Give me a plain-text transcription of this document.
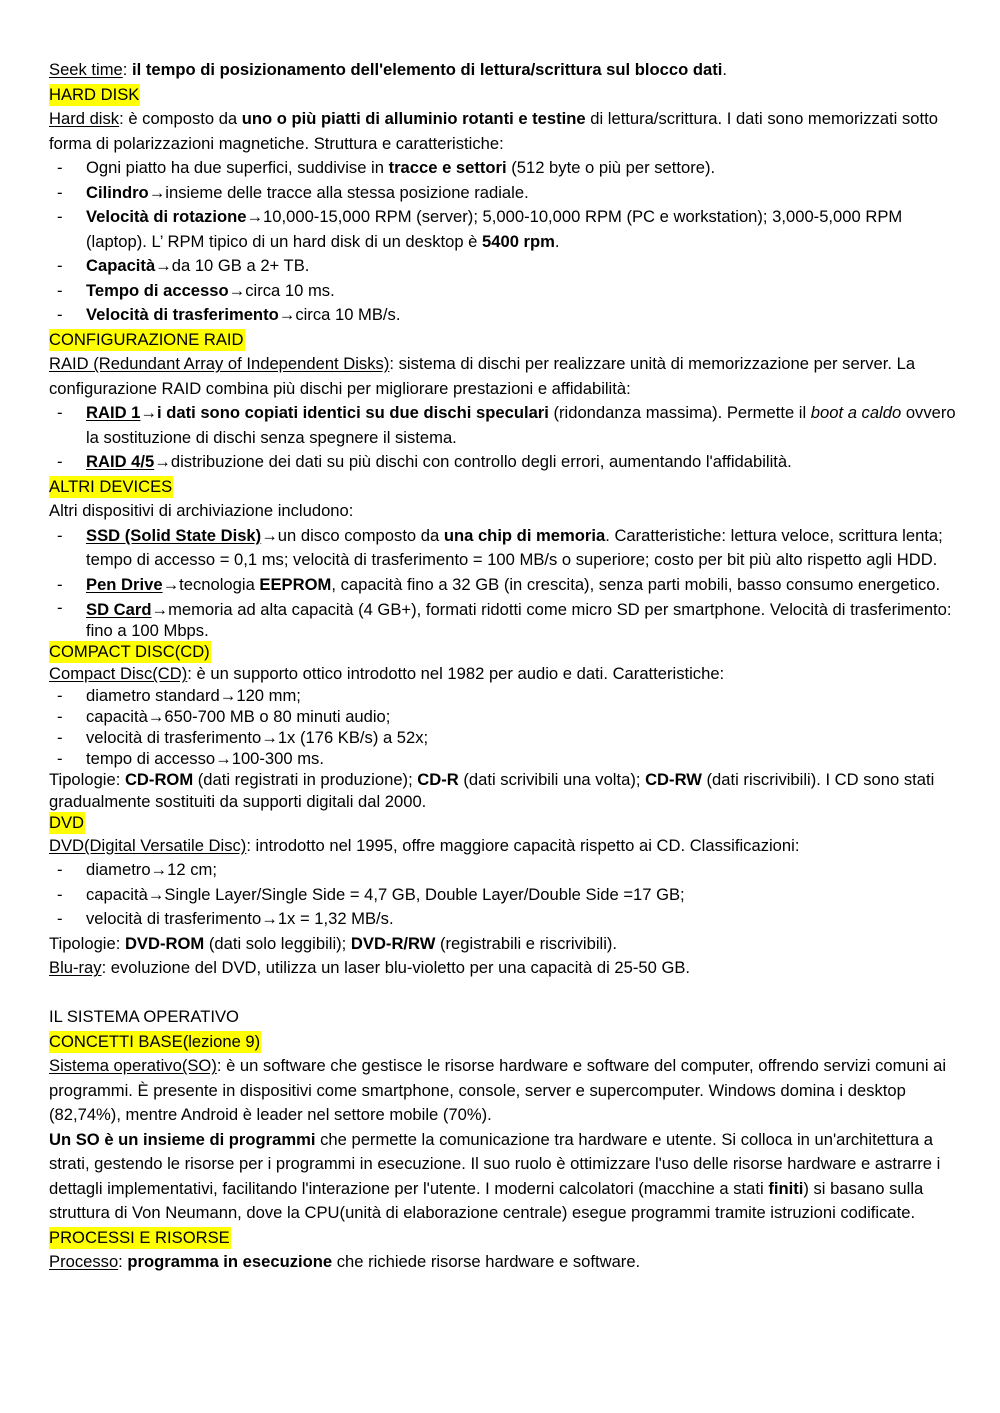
Seek time: il tempo di posizionamento dell'elemento di lettura/scrittura sul blocco dati.
HARD DISK
Hard disk: è composto da uno o più piatti di alluminio rotanti e testine di lettura/scrittura. I dati sono memorizzati sotto forma di polarizzazioni magnetiche. Struttura e caratteristiche:
- Ogni piatto ha due superfici, suddivise in tracce e settori (512 byte o più per settore).
- Cilindro→insieme delle tracce alla stessa posizione radiale.
- Velocità di rotazione→10,000-15,000 RPM (server); 5,000-10,000 RPM (PC e workstation); 3,000-5,000 RPM (laptop). L’ RPM tipico di un hard disk di un desktop è 5400 rpm.
- Capacità→da 10 GB a 2+ TB.
- Tempo di accesso→circa 10 ms.
- Velocità di trasferimento→circa 10 MB/s.
CONFIGURAZIONE RAID
RAID (Redundant Array of Independent Disks): sistema di dischi per realizzare unità di memorizzazione per server. La configurazione RAID combina più dischi per migliorare prestazioni e affidabilità:
- RAID 1→i dati sono copiati identici su due dischi speculari (ridondanza massima). Permette il boot a caldo ovvero la sostituzione di dischi senza spegnere il sistema.
- RAID 4/5→distribuzione dei dati su più dischi con controllo degli errori, aumentando l'affidabilità.
ALTRI DEVICES
Altri dispositivi di archiviazione includono:
- SSD (Solid State Disk)→un disco composto da una chip di memoria. Caratteristiche: lettura veloce, scrittura lenta; tempo di accesso = 0,1 ms; velocità di trasferimento = 100 MB/s o superiore; costo per bit più alto rispetto agli HDD.
- Pen Drive→tecnologia EEPROM, capacità fino a 32 GB (in crescita), senza parti mobili, basso consumo energetico.
- SD Card→memoria ad alta capacità (4 GB+), formati ridotti come micro SD per smartphone. Velocità di trasferimento: fino a 100 Mbps.
COMPACT DISC(CD)
Compact Disc(CD): è un supporto ottico introdotto nel 1982 per audio e dati. Caratteristiche:
- diametro standard→120 mm;
- capacità→650-700 MB o 80 minuti audio;
- velocità di trasferimento→1x (176 KB/s) a 52x;
- tempo di accesso→100-300 ms.
Tipologie: CD-ROM (dati registrati in produzione); CD-R (dati scrivibili una volta); CD-RW (dati riscrivibili). I CD sono stati gradualmente sostituiti da supporti digitali dal 2000.
DVD
DVD(Digital Versatile Disc): introdotto nel 1995, offre maggiore capacità rispetto ai CD. Classificazioni:
- diametro→12 cm;
- capacità→Single Layer/Single Side = 4,7 GB, Double Layer/Double Side =17 GB;
- velocità di trasferimento→1x = 1,32 MB/s.
Tipologie: DVD-ROM (dati solo leggibili); DVD-R/RW (registrabili e riscrivibili).
Blu-ray: evoluzione del DVD, utilizza un laser blu-violetto per una capacità di 25-50 GB.
IL SISTEMA OPERATIVO
CONCETTI BASE(lezione 9)
Sistema operativo(SO): è un software che gestisce le risorse hardware e software del computer, offrendo servizi comuni ai programmi. È presente in dispositivi come smartphone, console, server e supercomputer. Windows domina i desktop (82,74%), mentre Android è leader nel settore mobile (70%).
Un SO è un insieme di programmi che permette la comunicazione tra hardware e utente. Si colloca in un'architettura a strati, gestendo le risorse per i programmi in esecuzione. Il suo ruolo è ottimizzare l'uso delle risorse hardware e astrarre i dettagli implementativi, facilitando l'interazione per l'utente. I moderni calcolatori (macchine a stati finiti) si basano sulla struttura di Von Neumann, dove la CPU(unità di elaborazione centrale) esegue programmi tramite istruzioni codificate.
PROCESSI E RISORSE
Processo: programma in esecuzione che richiede risorse hardware e software.
